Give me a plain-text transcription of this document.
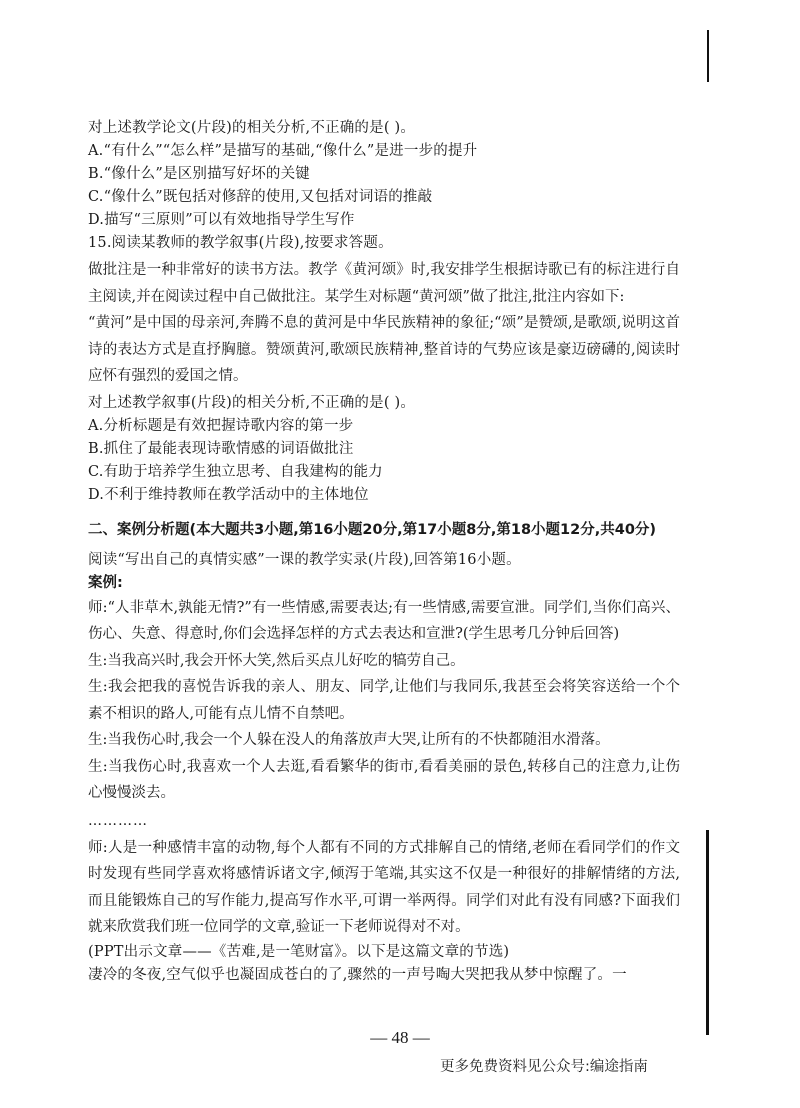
对上述教学论文(片段)的相关分析,不正确的是( )。
A.“有什么”“怎么样”是描写的基础,“像什么”是进一步的提升
B.“像什么”是区别描写好坏的关键
C.“像什么”既包括对修辞的使用,又包括对词语的推敲
D.描写“三原则”可以有效地指导学生写作
15.阅读某教师的教学叙事(片段),按要求答题。
做批注是一种非常好的读书方法。教学《黄河颂》时,我安排学生根据诗歌已有的标注进行自主阅读,并在阅读过程中自己做批注。某学生对标题“黄河颂”做了批注,批注内容如下:
“黄河”是中国的母亲河,奔腾不息的黄河是中华民族精神的象征;“颂”是赞颂,是歌颂,说明这首诗的表达方式是直抒胸臆。赞颂黄河,歌颂民族精神,整首诗的气势应该是豪迈磅礴的,阅读时应怀有强烈的爱国之情。
对上述教学叙事(片段)的相关分析,不正确的是( )。
A.分析标题是有效把握诗歌内容的第一步
B.抓住了最能表现诗歌情感的词语做批注
C.有助于培养学生独立思考、自我建构的能力
D.不利于维持教师在教学活动中的主体地位
二、案例分析题(本大题共3小题,第16小题20分,第17小题8分,第18小题12分,共40分)
阅读“写出自己的真情实感”一课的教学实录(片段),回答第16小题。
案例:
师:“人非草木,孰能无情?”有一些情感,需要表达;有一些情感,需要宣泄。同学们,当你们高兴、伤心、失意、得意时,你们会选择怎样的方式去表达和宣泄?(学生思考几分钟后回答)
生:当我高兴时,我会开怀大笑,然后买点儿好吃的犒劳自己。
生:我会把我的喜悦告诉我的亲人、朋友、同学,让他们与我同乐,我甚至会将笑容送给一个个素不相识的路人,可能有点儿情不自禁吧。
生:当我伤心时,我会一个人躲在没人的角落放声大哭,让所有的不快都随泪水滑落。
生:当我伤心时,我喜欢一个人去逛,看看繁华的街市,看看美丽的景色,转移自己的注意力,让伤心慢慢淡去。
…………
师:人是一种感情丰富的动物,每个人都有不同的方式排解自己的情绪,老师在看同学们的作文时发现有些同学喜欢将感情诉诸文字,倾泻于笔端,其实这不仅是一种很好的排解情绪的方法,而且能锻炼自己的写作能力,提高写作水平,可谓一举两得。同学们对此有没有同感?下面我们就来欣赏我们班一位同学的文章,验证一下老师说得对不对。
(PPT出示文章——《苦难,是一笔财富》。以下是这篇文章的节选)
凄冷的冬夜,空气似乎也凝固成苍白的了,骤然的一声号啕大哭把我从梦中惊醒了。一
— 48 —
更多免费资料见公众号:编途指南
